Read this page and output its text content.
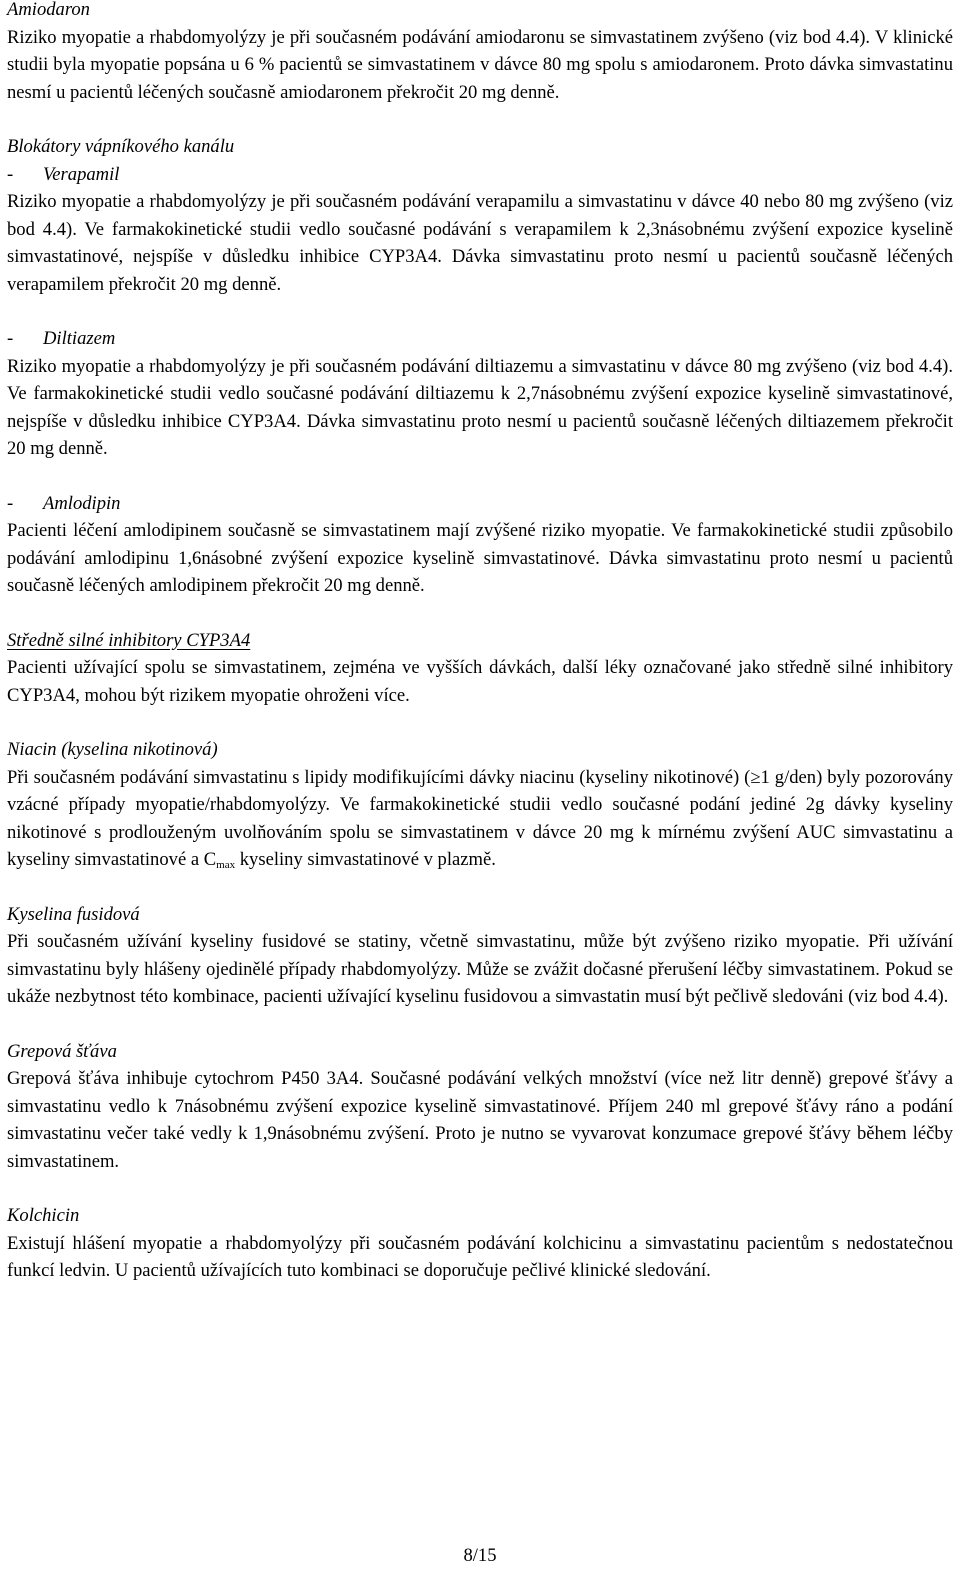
Amiodaron

Riziko myopatie a rhabdomyolýzy je při současném podávání amiodaronu se simvastatinem zvýšeno (viz bod 4.4). V klinické studii byla myopatie popsána u 6 % pacientů se simvastatinem v dávce 80 mg spolu s amiodaronem. Proto dávka simvastatinu nesmí u pacientů léčených současně amiodaronem překročit 20 mg denně.

Blokátory vápníkového kanálu

- Verapamil

Riziko myopatie a rhabdomyolýzy je při současném podávání verapamilu a simvastatinu v dávce 40 nebo 80 mg zvýšeno (viz bod 4.4). Ve farmakokinetické studii vedlo současné podávání s verapamilem k 2,3násobnému zvýšení expozice kyselině simvastatinové, nejspíše v důsledku inhibice CYP3A4. Dávka simvastatinu proto nesmí u pacientů současně léčených verapamilem překročit 20 mg denně.

- Diltiazem

Riziko myopatie a rhabdomyolýzy je při současném podávání diltiazemu a simvastatinu v dávce 80 mg zvýšeno (viz bod 4.4). Ve farmakokinetické studii vedlo současné podávání diltiazemu k 2,7násobnému zvýšení expozice kyselině simvastatinové, nejspíše v důsledku inhibice CYP3A4. Dávka simvastatinu proto nesmí u pacientů současně léčených diltiazemem překročit 20 mg denně.

- Amlodipin

Pacienti léčení amlodipinem současně se simvastatinem mají zvýšené riziko myopatie. Ve farmakokinetické studii způsobilo podávání amlodipinu 1,6násobné zvýšení expozice kyselině simvastatinové. Dávka simvastatinu proto nesmí u pacientů současně léčených amlodipinem překročit 20 mg denně.

Středně silné inhibitory CYP3A4

Pacienti užívající spolu se simvastatinem, zejména ve vyšších dávkách, další léky označované jako středně silné inhibitory CYP3A4, mohou být rizikem myopatie ohroženi více.

Niacin (kyselina nikotinová)

Při současném podávání simvastatinu s lipidy modifikujícími dávky niacinu (kyseliny nikotinové) (≥1 g/den) byly pozorovány vzácné případy myopatie/rhabdomyolýzy. Ve farmakokinetické studii vedlo současné podání jediné 2g dávky kyseliny nikotinové s prodlouženým uvolňováním spolu se simvastatinem v dávce 20 mg k mírnému zvýšení AUC simvastatinu a kyseliny simvastatinové a $C_{max}$ kyseliny simvastatinové v plazmě.

Kyselina fusidová

Při současném užívání kyseliny fusidové se statiny, včetně simvastatinu, může být zvýšeno riziko myopatie. Při užívání simvastatinu byly hlášeny ojedinělé případy rhabdomyolýzy. Může se zvážit dočasné přerušení léčby simvastatinem. Pokud se ukáže nezbytnost této kombinace, pacienti užívající kyselinu fusidovou a simvastatin musí být pečlivě sledováni (viz bod 4.4).

Grepová šťáva

Grepová šťáva inhibuje cytochrom P450 3A4. Současné podávání velkých množství (více než litr denně) grepové šťávy a simvastatinu vedlo k 7násobnému zvýšení expozice kyselině simvastatinové. Příjem 240 ml grepové šťávy ráno a podání simvastatinu večer také vedly k 1,9násobnému zvýšení. Proto je nutno se vyvarovat konzumace grepové šťávy během léčby simvastatinem.

Kolchicin

Existují hlášení myopatie a rhabdomyolýzy při současném podávání kolchicinu a simvastatinu pacientům s nedostatečnou funkcí ledvin. U pacientů užívajících tuto kombinaci se doporučuje pečlivé klinické sledování.

8/15
